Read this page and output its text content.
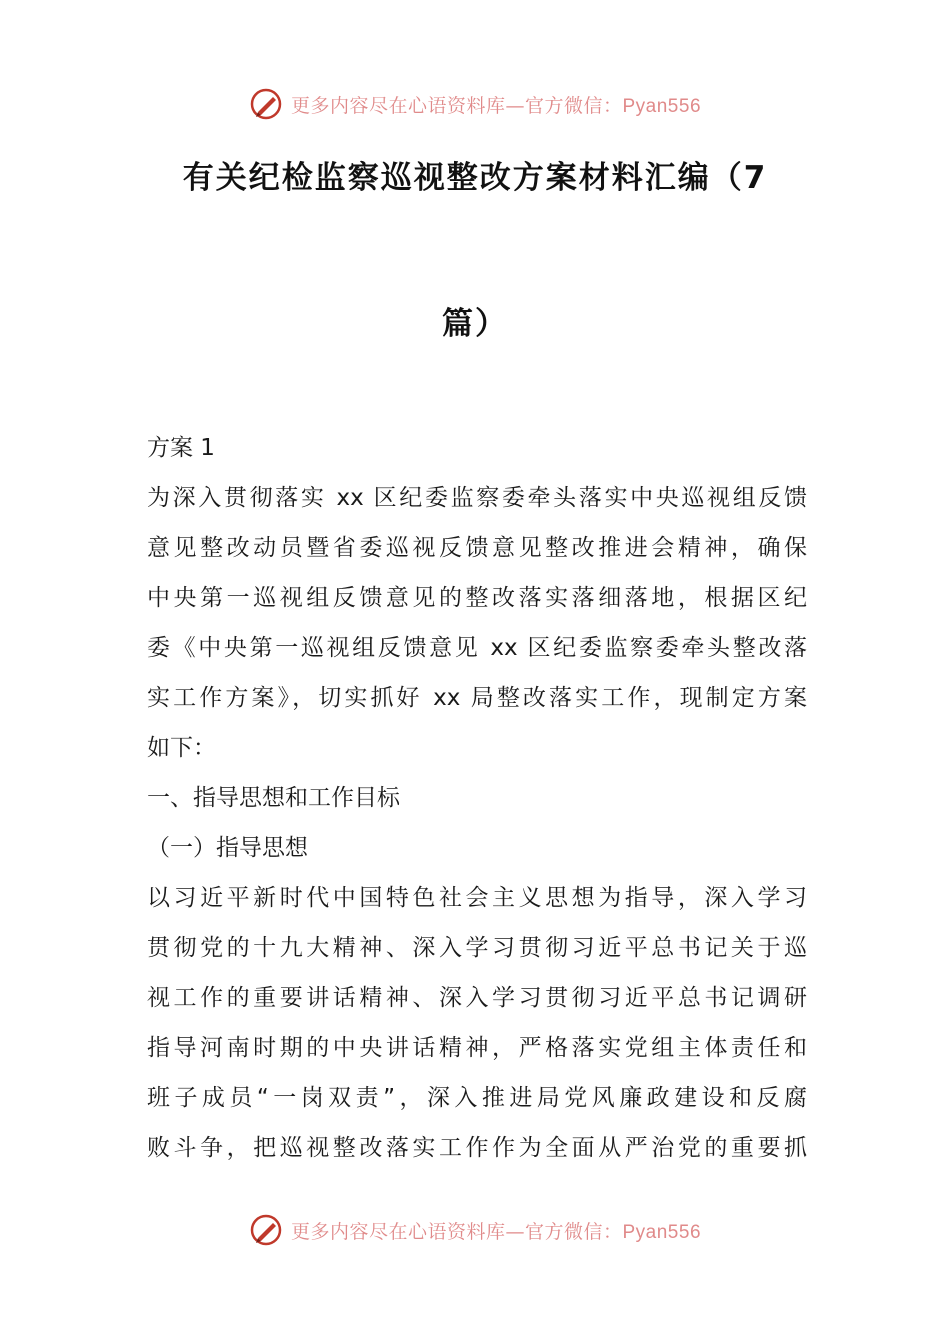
更多内容尽在心语资料库—官方微信：Pyan556
有关纪检监察巡视整改方案材料汇编（7
篇）
方案 1
为深入贯彻落实 xx 区纪委监察委牵头落实中央巡视组反馈
意见整改动员暨省委巡视反馈意见整改推进会精神，确保
中央第一巡视组反馈意见的整改落实落细落地，根据区纪
委《中央第一巡视组反馈意见 xx 区纪委监察委牵头整改落
实工作方案》，切实抓好 xx 局整改落实工作，现制定方案
如下：
一、指导思想和工作目标
（一）指导思想
以习近平新时代中国特色社会主义思想为指导，深入学习
贯彻党的十九大精神、深入学习贯彻习近平总书记关于巡
视工作的重要讲话精神、深入学习贯彻习近平总书记调研
指导河南时期的中央讲话精神，严格落实党组主体责任和
班子成员“一岗双责”，深入推进局党风廉政建设和反腐
败斗争，把巡视整改落实工作作为全面从严治党的重要抓
更多内容尽在心语资料库—官方微信：Pyan556
